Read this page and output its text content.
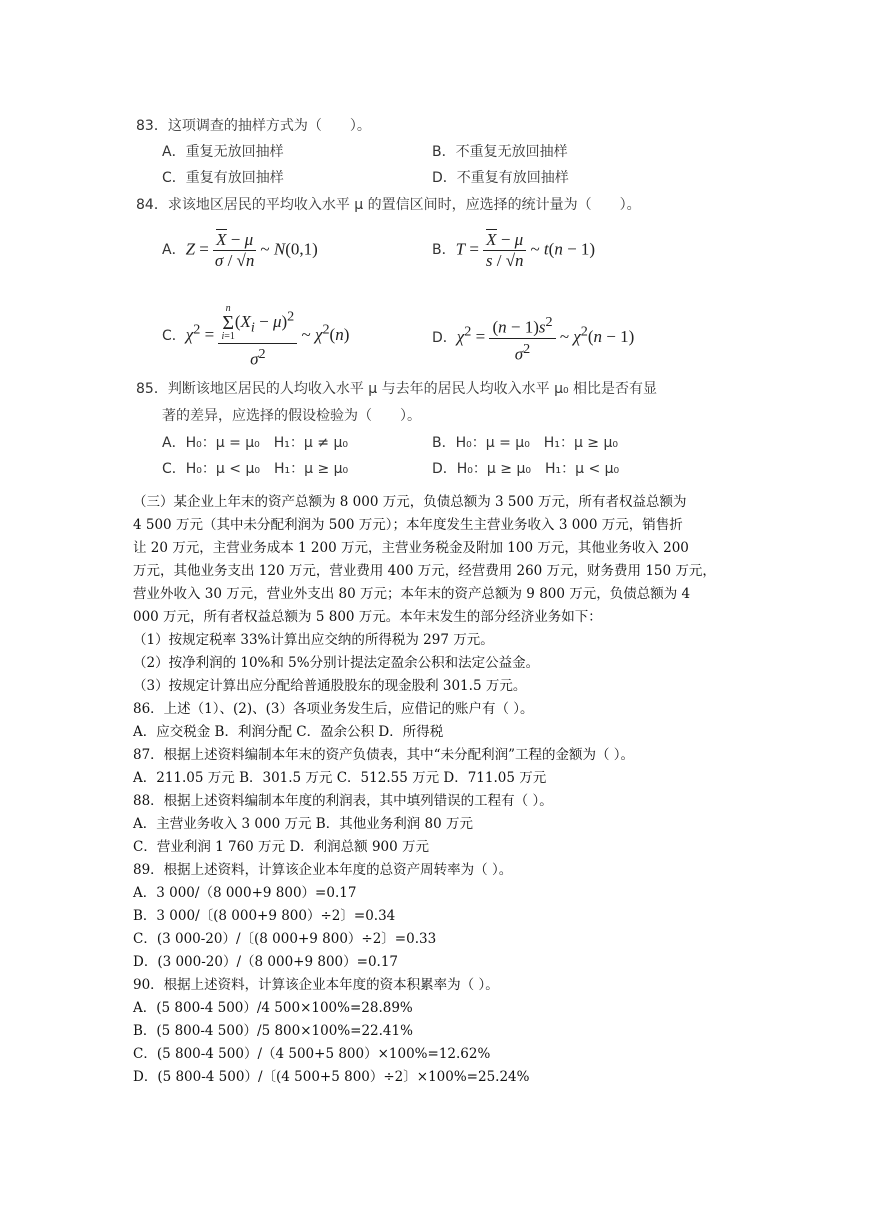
83．这项调查的抽样方式为（　　）。
A．重复无放回抽样	B．不重复无放回抽样
C．重复有放回抽样	D．不重复有放回抽样
84．求该地区居民的平均收入水平 μ 的置信区间时，应选择的统计量为（　　）。
A． $Z = \frac{X - \mu}{\sigma / √n}$ ~ N(0,1)	B． $T = \frac{X - \mu}{s / √n}$ ~ t(n − 1)
C． $\chi^2 = n$
Σ
$i=1(X_i - \mu)^2$
$\sigma^2$ ~ $\chi^2(n)$	D． $\chi^2 = \frac{(n - 1)s^2}{\sigma^2}$ ~ $\chi^2(n - 1)$
85．判断该地区居民的人均收入水平 μ 与去年的居民人均收入水平 μ₀ 相比是否有显
著的差异，应选择的假设检验为（　　）。
A．H₀：μ = μ₀　H₁：μ ≠ μ₀	B．H₀：μ = μ₀　H₁：μ ≥ μ₀
C．H₀：μ < μ₀　H₁：μ ≥ μ₀	D．H₀：μ ≥ μ₀　H₁：μ < μ₀
（三）某企业上年末的资产总额为 8 000 万元，负债总额为 3 500 万元，所有者权益总额为
4 500 万元（其中未分配利润为 500 万元）；本年度发生主营业务收入 3 000 万元，销售折
让 20 万元，主营业务成本 1 200 万元，主营业务税金及附加 100 万元，其他业务收入 200
万元，其他业务支出 120 万元，营业费用 400 万元，经营费用 260 万元，财务费用 150 万元，
营业外收入 30 万元，营业外支出 80 万元；本年末的资产总额为 9 800 万元，负债总额为 4
000 万元，所有者权益总额为 5 800 万元。本年末发生的部分经济业务如下：
（1）按规定税率 33%计算出应交纳的所得税为 297 万元。
（2）按净利润的 10%和 5%分别计提法定盈余公积和法定公益金。
（3）按规定计算出应分配给普通股股东的现金股利 301.5 万元。
86．上述（1）、(2)、(3）各项业务发生后，应借记的账户有（ ）。
A．应交税金 B．利润分配 C．盈余公积 D．所得税
87．根据上述资料编制本年末的资产负债表，其中“未分配利润”工程的金额为（ ）。
A．211.05 万元 B．301.5 万元 C．512.55 万元 D．711.05 万元
88．根据上述资料编制本年度的利润表，其中填列错误的工程有（ ）。
A．主营业务收入 3 000 万元 B．其他业务利润 80 万元
C．营业利润 1 760 万元 D．利润总额 900 万元
89．根据上述资料，计算该企业本年度的总资产周转率为（ ）。
A．3 000/（8 000+9 800）=0.17
B．3 000/〔(8 000+9 800）÷2〕=0.34
C．(3 000-20）/〔(8 000+9 800）÷2〕=0.33
D．(3 000-20）/（8 000+9 800）=0.17
90．根据上述资料，计算该企业本年度的资本积累率为（ ）。
A．(5 800-4 500）/4 500×100%=28.89%
B．(5 800-4 500）/5 800×100%=22.41%
C．(5 800-4 500）/（4 500+5 800）×100%=12.62%
D．(5 800-4 500）/〔(4 500+5 800）÷2〕×100%=25.24%
